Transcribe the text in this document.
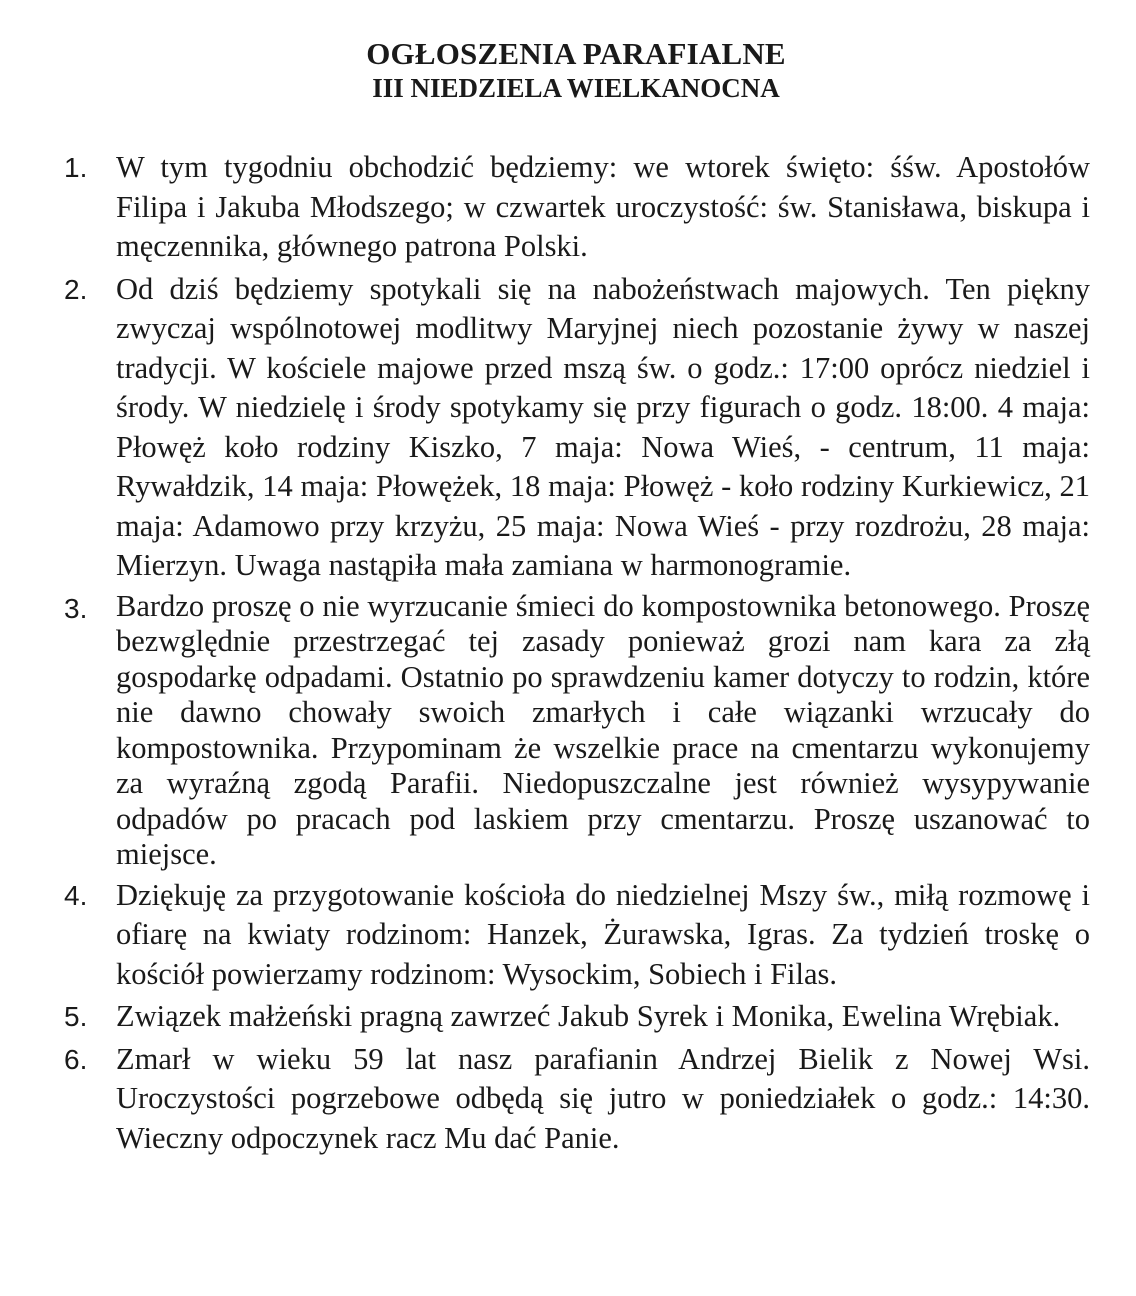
OGŁOSZENIA PARAFIALNE
III NIEDZIELA WIELKANOCNA
1. W tym tygodniu obchodzić będziemy: we wtorek święto: śśw. Apostołów Filipa i Jakuba Młodszego; w czwartek uroczystość: św. Stanisława, biskupa i męczennika, głównego patrona Polski.
2. Od dziś będziemy spotykali się na nabożeństwach majowych. Ten piękny zwyczaj wspólnotowej modlitwy Maryjnej niech pozostanie żywy w naszej tradycji. W kościele majowe przed mszą św. o godz.: 17:00 oprócz niedziel i środy. W niedzielę i środy spotykamy się przy figurach o godz. 18:00. 4 maja: Płowęż koło rodziny Kiszko, 7 maja: Nowa Wieś, - centrum, 11 maja: Rywałdzik, 14 maja: Płowężek, 18 maja: Płowęż - koło rodziny Kurkiewicz, 21 maja: Adamowo przy krzyżu, 25 maja: Nowa Wieś - przy rozdrożu, 28 maja: Mierzyn. Uwaga nastąpiła mała zamiana w harmonogramie.
3. Bardzo proszę o nie wyrzucanie śmieci do kompostownika betonowego. Proszę bezwględnie przestrzegać tej zasady ponieważ grozi nam kara za złą gospodarkę odpadami. Ostatnio po sprawdzeniu kamer dotyczy to rodzin, które nie dawno chowały swoich zmarłych i całe wiązanki wrzucały do kompostownika. Przypominam że wszelkie prace na cmentarzu wykonujemy za wyraźną zgodą Parafii. Niedopuszczalne jest również wysypywanie odpadów po pracach pod laskiem przy cmentarzu. Proszę uszanować to miejsce.
4. Dziękuję za przygotowanie kościoła do niedzielnej Mszy św., miłą rozmowę i ofiarę na kwiaty rodzinom: Hanzek, Żurawska, Igras. Za tydzień troskę o kościół powierzamy rodzinom: Wysockim, Sobiech i Filas.
5. Związek małżeński pragną zawrzeć Jakub Syrek i Monika, Ewelina Wrębiak.
6. Zmarł w wieku 59 lat nasz parafianin Andrzej Bielik z Nowej Wsi. Uroczystości pogrzebowe odbędą się jutro w poniedziałek o godz.: 14:30. Wieczny odpoczynek racz Mu dać Panie.
